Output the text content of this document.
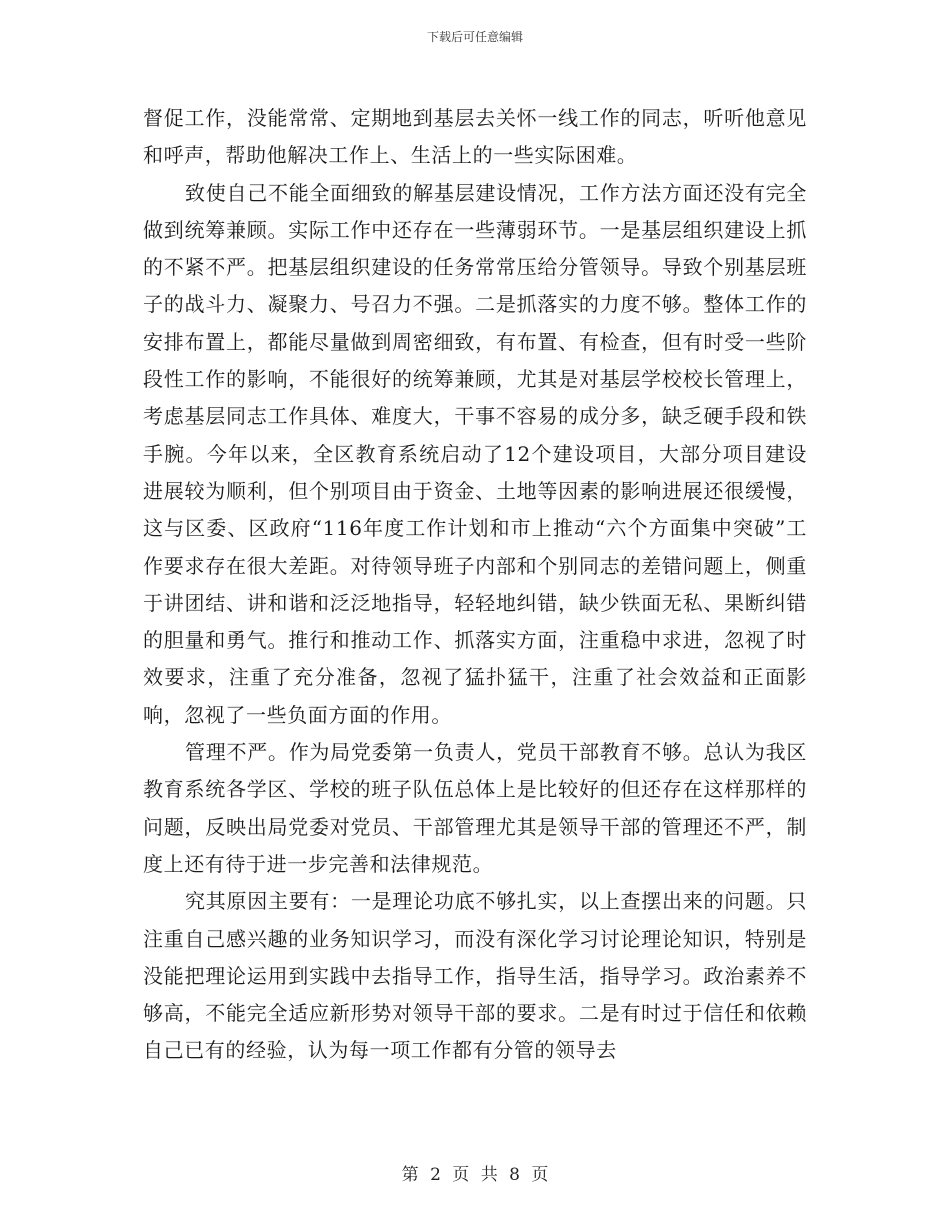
下载后可任意编辑

督促工作，没能常常、定期地到基层去关怀一线工作的同志，听听他意见和呼声，帮助他解决工作上、生活上的一些实际困难。

致使自己不能全面细致的解基层建设情况，工作方法方面还没有完全做到统筹兼顾。实际工作中还存在一些薄弱环节。一是基层组织建设上抓的不紧不严。把基层组织建设的任务常常压给分管领导。导致个别基层班子的战斗力、凝聚力、号召力不强。二是抓落实的力度不够。整体工作的安排布置上，都能尽量做到周密细致，有布置、有检查，但有时受一些阶段性工作的影响，不能很好的统筹兼顾，尤其是对基层学校校长管理上，考虑基层同志工作具体、难度大，干事不容易的成分多，缺乏硬手段和铁手腕。今年以来，全区教育系统启动了12个建设项目，大部分项目建设进展较为顺利，但个别项目由于资金、土地等因素的影响进展还很缓慢，这与区委、区政府“116年度工作计划和市上推动“六个方面集中突破”工作要求存在很大差距。对待领导班子内部和个别同志的差错问题上，侧重于讲团结、讲和谐和泛泛地指导，轻轻地纠错，缺少铁面无私、果断纠错的胆量和勇气。推行和推动工作、抓落实方面，注重稳中求进，忽视了时效要求，注重了充分准备，忽视了猛扑猛干，注重了社会效益和正面影响，忽视了一些负面方面的作用。

管理不严。作为局党委第一负责人，党员干部教育不够。总认为我区教育系统各学区、学校的班子队伍总体上是比较好的但还存在这样那样的问题，反映出局党委对党员、干部管理尤其是领导干部的管理还不严，制度上还有待于进一步完善和法律规范。

究其原因主要有：一是理论功底不够扎实，以上查摆出来的问题。只注重自己感兴趣的业务知识学习，而没有深化学习讨论理论知识，特别是没能把理论运用到实践中去指导工作，指导生活，指导学习。政治素养不够高，不能完全适应新形势对领导干部的要求。二是有时过于信任和依赖自己已有的经验，认为每一项工作都有分管的领导去

第 2 页 共 8 页
